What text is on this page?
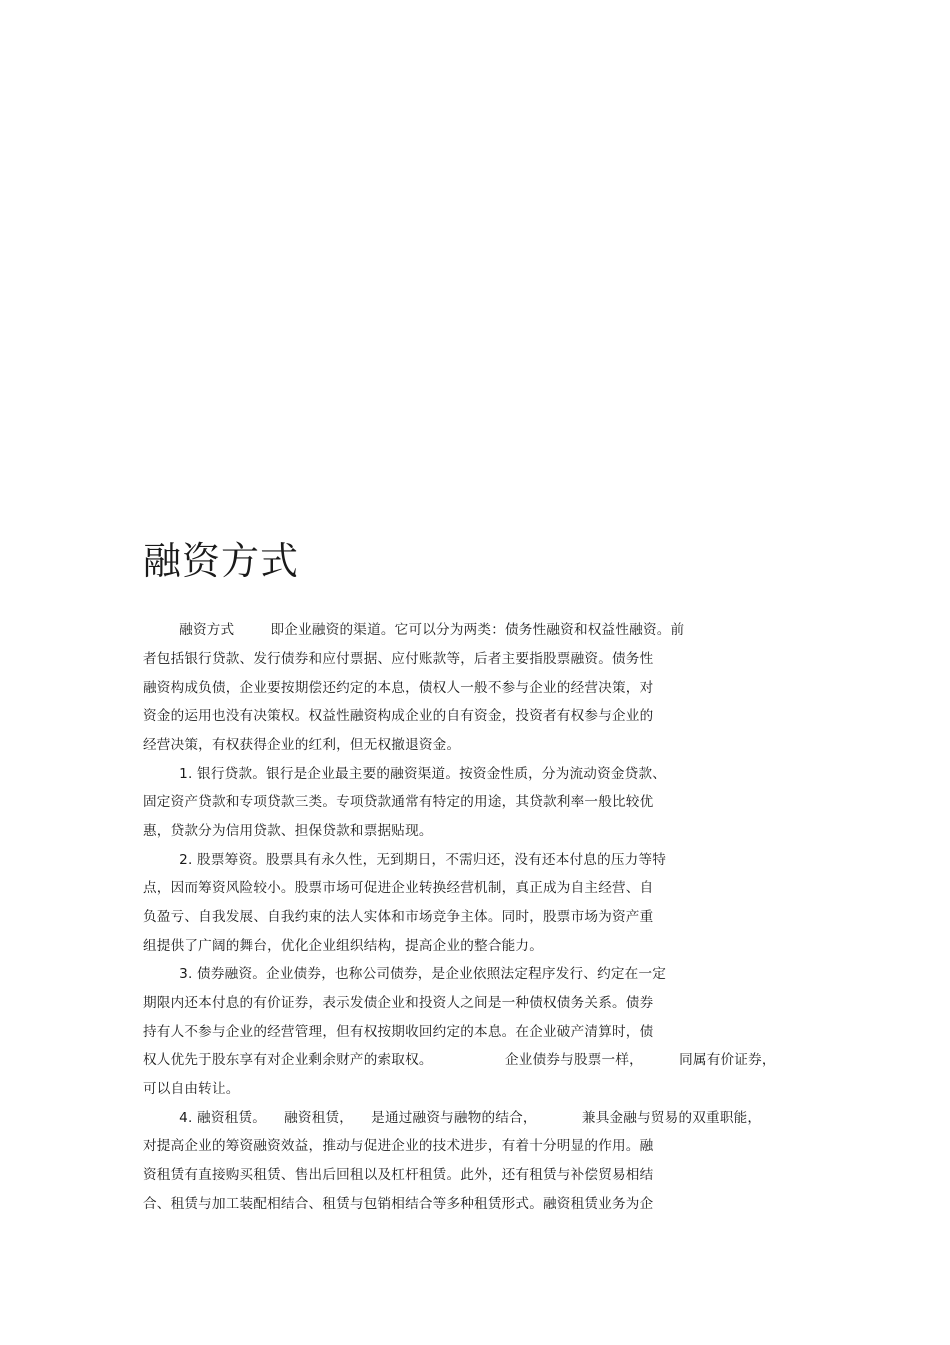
融资方式
融资方式        即企业融资的渠道。它可以分为两类：债务性融资和权益性融资。前
者包括银行贷款、发行债券和应付票据、应付账款等，后者主要指股票融资。债务性
融资构成负债，企业要按期偿还约定的本息，债权人一般不参与企业的经营决策，对
资金的运用也没有决策权。权益性融资构成企业的自有资金，投资者有权参与企业的
经营决策，有权获得企业的红利，但无权撤退资金。
1. 银行贷款。银行是企业最主要的融资渠道。按资金性质，分为流动资金贷款、
固定资产贷款和专项贷款三类。专项贷款通常有特定的用途，其贷款利率一般比较优
惠，贷款分为信用贷款、担保贷款和票据贴现。
2. 股票筹资。股票具有永久性，无到期日，不需归还，没有还本付息的压力等特
点，因而筹资风险较小。股票市场可促进企业转换经营机制，真正成为自主经营、自
负盈亏、自我发展、自我约束的法人实体和市场竞争主体。同时，股票市场为资产重
组提供了广阔的舞台，优化企业组织结构，提高企业的整合能力。
3. 债券融资。企业债券，也称公司债券，是企业依照法定程序发行、约定在一定
期限内还本付息的有价证券，表示发债企业和投资人之间是一种债权债务关系。债券
持有人不参与企业的经营管理，但有权按期收回约定的本息。在企业破产清算时，债
权人优先于股东享有对企业剩余财产的索取权。                企业债券与股票一样，        同属有价证券，
可以自由转让。
4. 融资租赁。    融资租赁，    是通过融资与融物的结合，          兼具金融与贸易的双重职能，
对提高企业的筹资融资效益，推动与促进企业的技术进步，有着十分明显的作用。融
资租赁有直接购买租赁、售出后回租以及杠杆租赁。此外，还有租赁与补偿贸易相结
合、租赁与加工装配相结合、租赁与包销相结合等多种租赁形式。融资租赁业务为企
